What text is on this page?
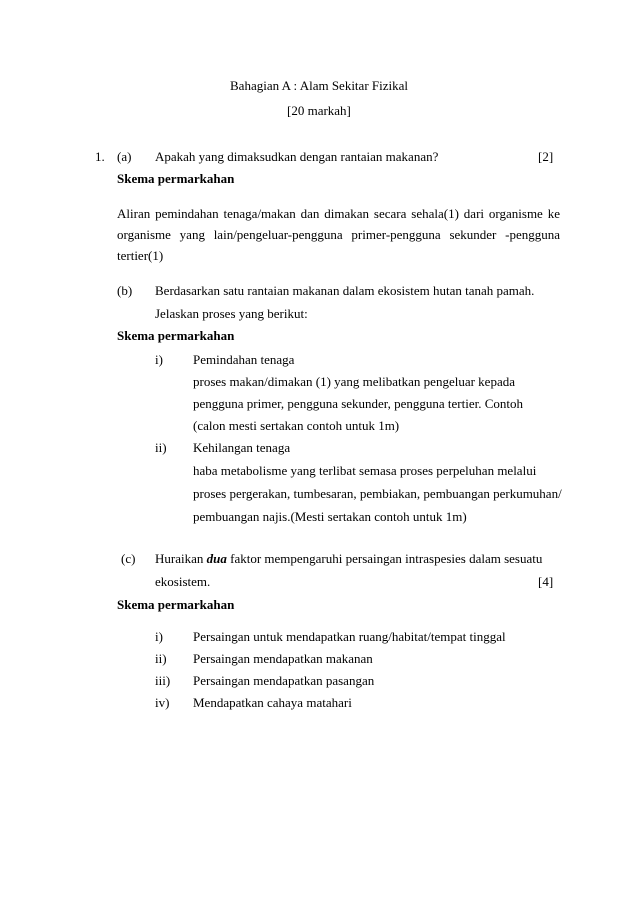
Bahagian A : Alam Sekitar Fizikal
[20 markah]
1. (a) Apakah yang dimaksudkan dengan rantaian makanan?	[2]
Skema permarkahan
Aliran pemindahan tenaga/makan dan dimakan secara sehala(1) dari organisme ke organisme yang lain/pengeluar-pengguna primer-pengguna sekunder -pengguna tertier(1)
(b) Berdasarkan satu rantaian makanan dalam ekosistem hutan tanah pamah.
Jelaskan proses yang berikut:
Skema permarkahan
i) Pemindahan tenaga
proses makan/dimakan (1) yang melibatkan pengeluar kepada
pengguna primer, pengguna sekunder, pengguna tertier. Contoh
(calon mesti sertakan contoh untuk 1m)
ii) Kehilangan tenaga
haba metabolisme yang terlibat semasa proses perpeluhan melalui
proses pergerakan, tumbesaran, pembiakan, pembuangan perkumuhan/
pembuangan najis.(Mesti sertakan contoh untuk 1m)
(c) Huraikan dua faktor mempengaruhi persaingan intraspesies dalam sesuatu
ekosistem.	[4]
Skema permarkahan
i) Persaingan untuk mendapatkan ruang/habitat/tempat tinggal
ii) Persaingan mendapatkan makanan
iii) Persaingan mendapatkan pasangan
iv) Mendapatkan cahaya matahari
